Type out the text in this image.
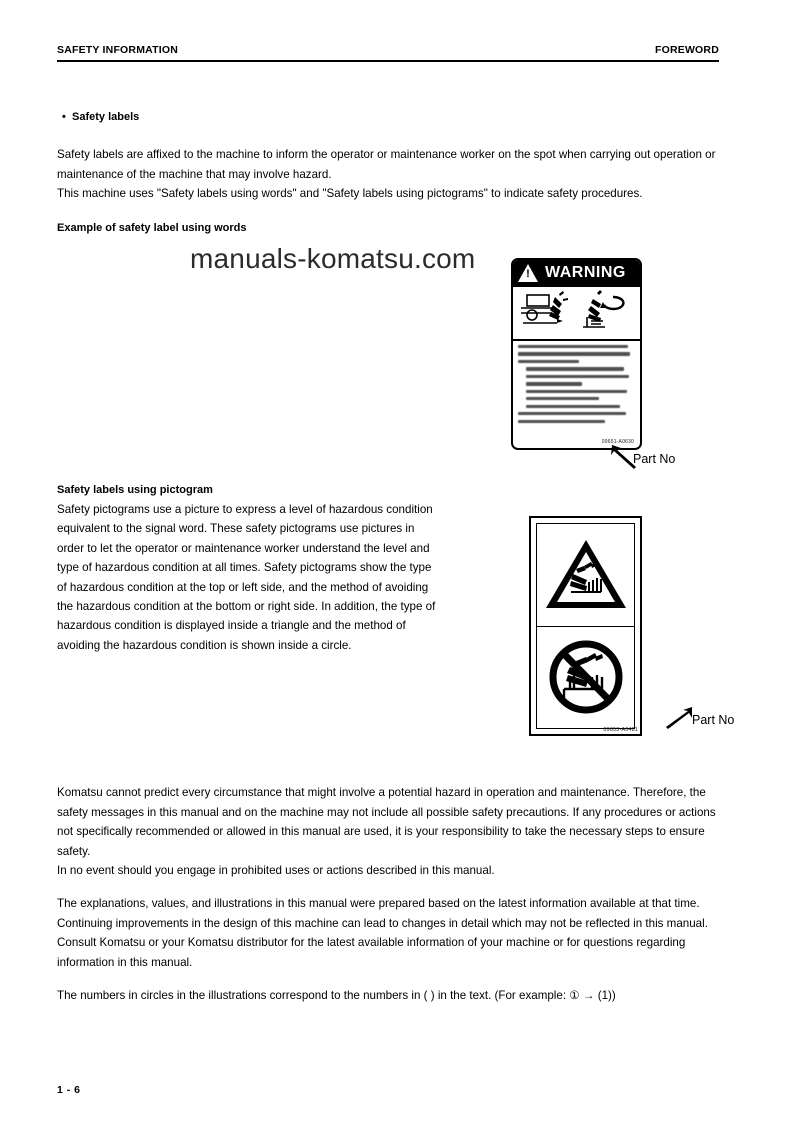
SAFETY INFORMATION	FOREWORD
• Safety labels

Safety labels are affixed to the machine to inform the operator or maintenance worker on the spot when carrying out operation or maintenance of the machine that may involve hazard.

This machine uses "Safety labels using words" and "Safety labels using pictograms" to indicate safety procedures.

Example of safety label using words
manuals-komatsu.com !	WARNING
09651-A0630
Part No
Safety labels using pictogram

Safety pictograms use a picture to express a level of hazardous condition equivalent to the signal word. These safety pictograms use pictures in order to let the operator or maintenance worker understand the level and type of hazardous condition at all times. Safety pictograms show the type of hazardous condition at the top or left side, and the method of avoiding the hazardous condition at the bottom or right side. In addition, the type of hazardous condition is displayed inside a triangle and the method of avoiding the hazardous condition is shown inside a circle.

09653-A0481
Part No

Komatsu cannot predict every circumstance that might involve a potential hazard in operation and maintenance. Therefore, the safety messages in this manual and on the machine may not include all possible safety precautions. If any procedures or actions not specifically recommended or allowed in this manual are used, it is your responsibility to take the necessary steps to ensure safety.

In no event should you engage in prohibited uses or actions described in this manual.

The explanations, values, and illustrations in this manual were prepared based on the latest information available at that time. Continuing improvements in the design of this machine can lead to changes in detail which may not be reflected in this manual. Consult Komatsu or your Komatsu distributor for the latest available information of your machine or for questions regarding information in this manual.

The numbers in circles in the illustrations correspond to the numbers in ( ) in the text. (For example: ① → (1))

1 - 6
